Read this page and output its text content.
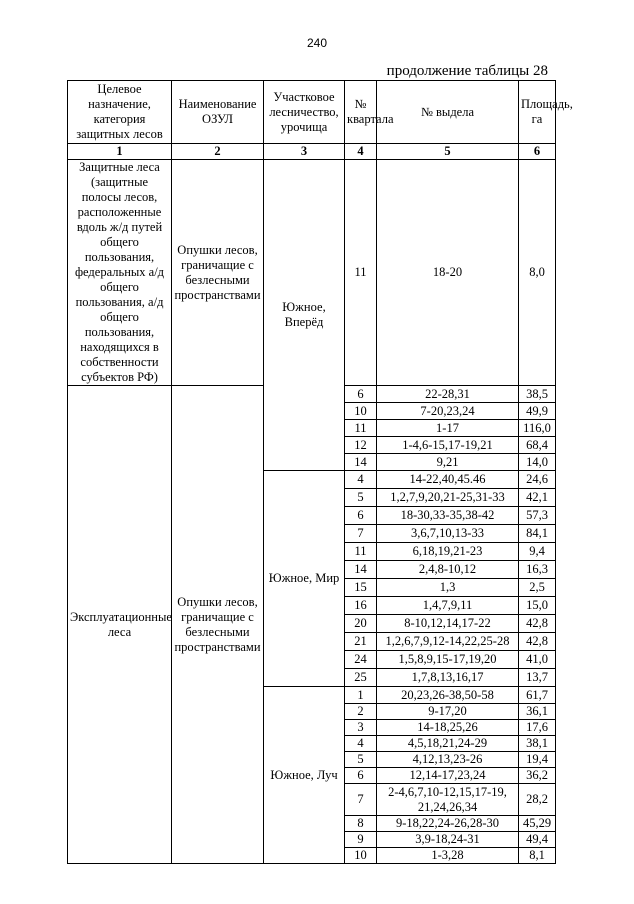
240
продолжение таблицы 28
Целевое назначение, категория защитных лесов	Наименование ОЗУЛ	Участковое лесничество, урочища	№ квартала	№ выдела	Площадь, га
1	2	3	4	5	6
Защитные леса (защитные полосы лесов, расположенные вдоль ж/д путей общего пользования, федеральных а/д общего пользования, а/д общего пользования, находящихся в собственности субъектов РФ)	Опушки лесов, граничащие с безлесными пространствами	Южное, Вперёд	11	18-20	8,0
Эксплуатационные леса	Опушки лесов, граничащие с безлесными пространствами		6	22-28,31	38,5
			10	7-20,23,24	49,9
			11	1-17	116,0
			12	1-4,6-15,17-19,21	68,4
			14	9,21	14,0
		Южное, Мир	4	14-22,40,45.46	24,6
			5	1,2,7,9,20,21-25,31-33	42,1
			6	18-30,33-35,38-42	57,3
			7	3,6,7,10,13-33	84,1
			11	6,18,19,21-23	9,4
			14	2,4,8-10,12	16,3
			15	1,3	2,5
			16	1,4,7,9,11	15,0
			20	8-10,12,14,17-22	42,8
			21	1,2,6,7,9,12-14,22,25-28	42,8
			24	1,5,8,9,15-17,19,20	41,0
			25	1,7,8,13,16,17	13,7
		Южное, Луч	1	20,23,26-38,50-58	61,7
			2	9-17,20	36,1
			3	14-18,25,26	17,6
			4	4,5,18,21,24-29	38,1
			5	4,12,13,23-26	19,4
			6	12,14-17,23,24	36,2
			7	2-4,6,7,10-12,15,17-19, 21,24,26,34	28,2
			8	9-18,22,24-26,28-30	45,29
			9	3,9-18,24-31	49,4
			10	1-3,28	8,1
